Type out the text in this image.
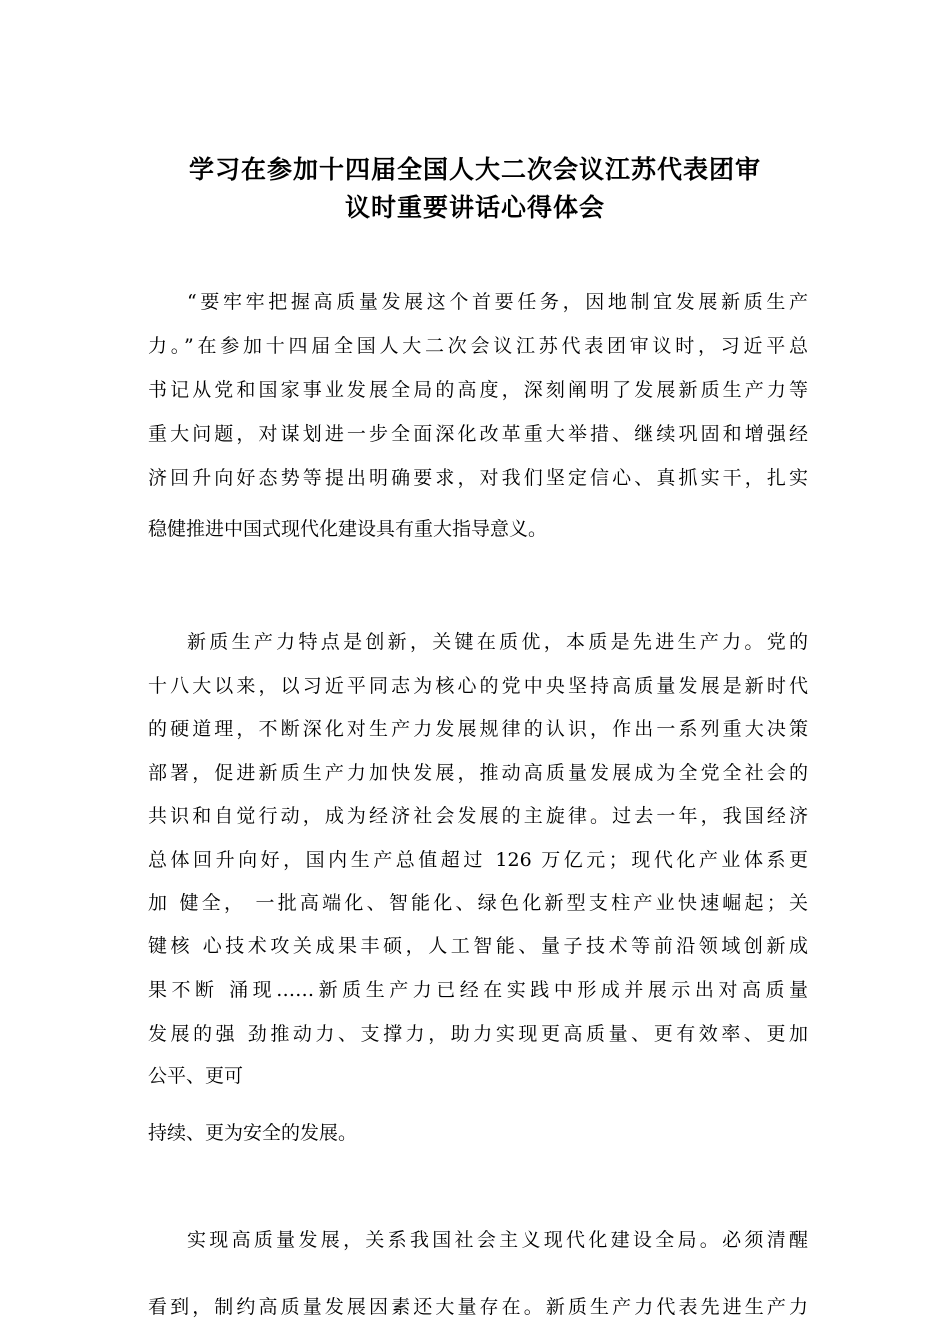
学习在参加十四届全国人大二次会议江苏代表团审
议时重要讲话心得体会
“要牢牢把握高质量发展这个首要任务，因地制宜发展新质生产
力。”在参加十四届全国人大二次会议江苏代表团审议时，习近平总
书记从党和国家事业发展全局的高度，深刻阐明了发展新质生产力等
重大问题，对谋划进一步全面深化改革重大举措、继续巩固和增强经
济回升向好态势等提出明确要求，对我们坚定信心、真抓实干，扎实
稳健推进中国式现代化建设具有重大指导意义。
新质生产力特点是创新，关键在质优，本质是先进生产力。党的
十八大以来，以习近平同志为核心的党中央坚持高质量发展是新时代
的硬道理，不断深化对生产力发展规律的认识，作出一系列重大决策
部署，促进新质生产力加快发展，推动高质量发展成为全党全社会的
共识和自觉行动，成为经济社会发展的主旋律。过去一年，我国经济
总体回升向好，国内生产总值超过 126 万亿元；现代化产业体系更
加 健全， 一批高端化、智能化、绿色化新型支柱产业快速崛起；关
键核 心技术攻关成果丰硕，人工智能、量子技术等前沿领域创新成
果不断 涌现……新质生产力已经在实践中形成并展示出对高质量
发展的强 劲推动力、支撑力，助力实现更高质量、更有效率、更加
公平、更可
持续、更为安全的发展。
实现高质量发展，关系我国社会主义现代化建设全局。必须清醒
看到，制约高质量发展因素还大量存在。新质生产力代表先进生产力
